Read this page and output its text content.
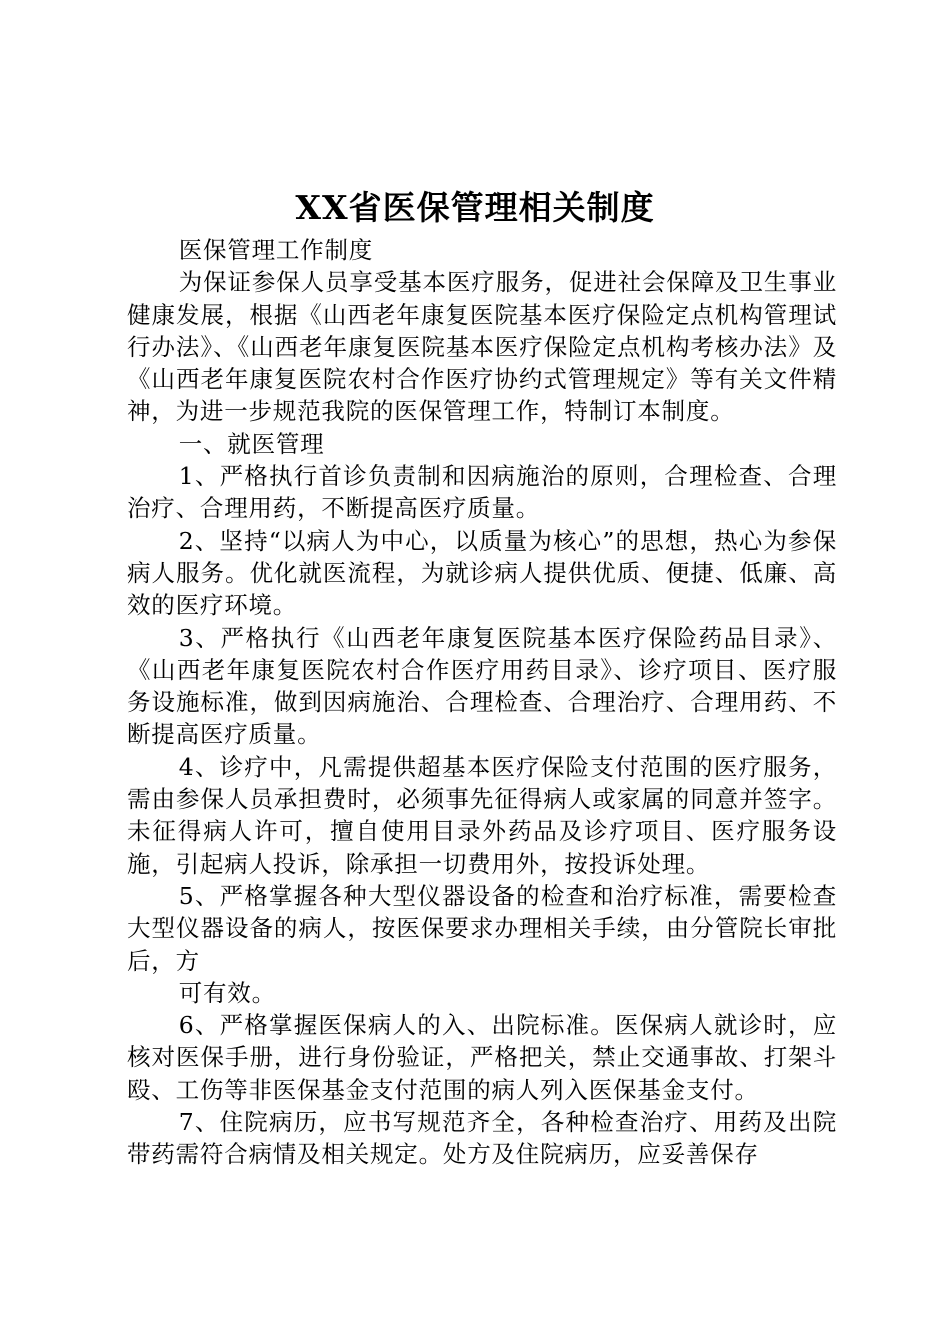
XX省医保管理相关制度

医保管理工作制度

为保证参保人员享受基本医疗服务，促进社会保障及卫生事业健康发展，根据《山西老年康复医院基本医疗保险定点机构管理试行办法》、《山西老年康复医院基本医疗保险定点机构考核办法》及《山西老年康复医院农村合作医疗协约式管理规定》等有关文件精神，为进一步规范我院的医保管理工作，特制订本制度。

一、就医管理

1、严格执行首诊负责制和因病施治的原则，合理检查、合理治疗、合理用药，不断提高医疗质量。

2、坚持“以病人为中心，以质量为核心”的思想，热心为参保病人服务。优化就医流程，为就诊病人提供优质、便捷、低廉、高效的医疗环境。

3、严格执行《山西老年康复医院基本医疗保险药品目录》、《山西老年康复医院农村合作医疗用药目录》、诊疗项目、医疗服务设施标准，做到因病施治、合理检查、合理治疗、合理用药、不断提高医疗质量。

4、诊疗中，凡需提供超基本医疗保险支付范围的医疗服务，需由参保人员承担费时，必须事先征得病人或家属的同意并签字。未征得病人许可，擅自使用目录外药品及诊疗项目、医疗服务设施，引起病人投诉，除承担一切费用外，按投诉处理。

5、严格掌握各种大型仪器设备的检查和治疗标准，需要检查大型仪器设备的病人，按医保要求办理相关手续，由分管院长审批后，方

可有效。

6、严格掌握医保病人的入、出院标准。医保病人就诊时，应核对医保手册，进行身份验证，严格把关，禁止交通事故、打架斗殴、工伤等非医保基金支付范围的病人列入医保基金支付。

7、住院病历，应书写规范齐全，各种检查治疗、用药及出院带药需符合病情及相关规定。处方及住院病历，应妥善保存
